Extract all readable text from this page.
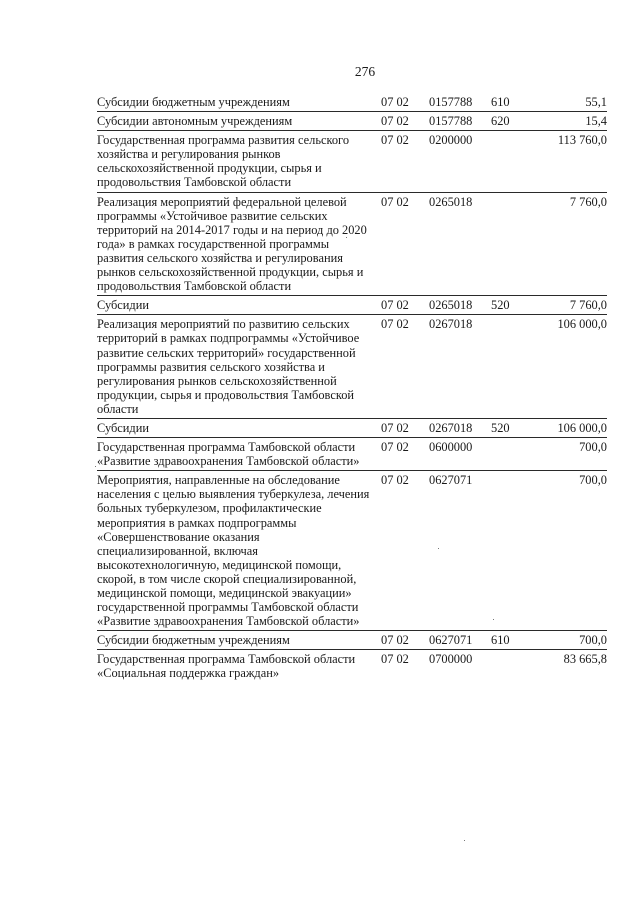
276
Субсидии бюджетным учреждениям	07 02	0157788	610	55,1
Субсидии автономным учреждениям	07 02	0157788	620	15,4
Государственная программа развития сельского хозяйства и регулирования рынков сельскохозяйственной продукции, сырья и продовольствия Тамбовской области	07 02	0200000		113 760,0
Реализация мероприятий федеральной целевой программы «Устойчивое развитие сельских территорий на 2014-2017 годы и на период до 2020 года» в рамках государственной программы развития сельского хозяйства и регулирования рынков сельскохозяйственной продукции, сырья и продовольствия Тамбовской области	07 02	0265018		7 760,0
Субсидии	07 02	0265018	520	7 760,0
Реализация мероприятий по развитию сельских территорий в рамках подпрограммы «Устойчивое развитие сельских территорий» государственной программы развития сельского хозяйства и регулирования рынков сельскохозяйственной продукции, сырья и продовольствия Тамбовской области	07 02	0267018		106 000,0
Субсидии	07 02	0267018	520	106 000,0
Государственная программа Тамбовской области «Развитие здравоохранения Тамбовской области»	07 02	0600000		700,0
Мероприятия, направленные на обследование населения с целью выявления туберкулеза, лечения больных туберкулезом, профилактические мероприятия в рамках подпрограммы «Совершенствование оказания специализированной, включая высокотехнологичную, медицинской помощи, скорой, в том числе скорой специализированной, медицинской помощи, медицинской эвакуации» государственной программы Тамбовской области «Развитие здравоохранения Тамбовской области»	07 02	0627071		700,0
Субсидии бюджетным учреждениям	07 02	0627071	610	700,0
Государственная программа Тамбовской области «Социальная поддержка граждан»	07 02	0700000		83 665,8
